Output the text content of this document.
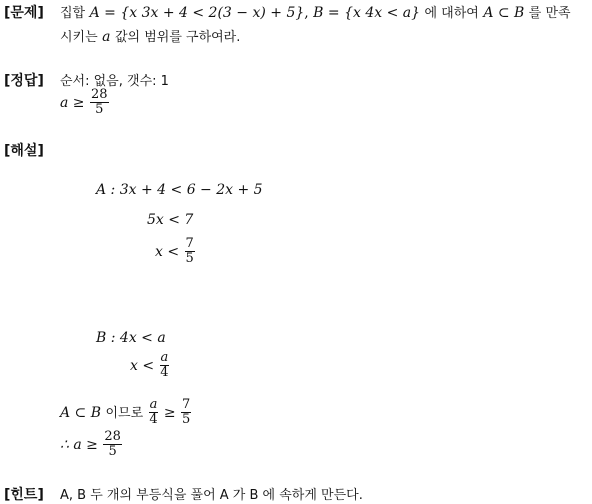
[문제] 집합 A = {x 3x + 4 < 2(3 − x) + 5}, B = {x 4x < a} 에 대하여 A ⊂ B 를 만족
시키는 a 값의 범위를 구하여라.
[정답] 순서: 없음, 갯수: 1
$a \ge \frac{28}{5}$
[해설]
A : 3x + 4 < 6 − 2x + 5
5x < 7
$x < \frac{7}{5}$
B : 4x < a
$x < \frac{a}{4}$
A ⊂ B 이므로 $\frac{a}{4} \ge \frac{7}{5}$
∴ $a \ge \frac{28}{5}$
[힌트] A, B 두 개의 부등식을 풀어 A 가 B 에 속하게 만든다.
